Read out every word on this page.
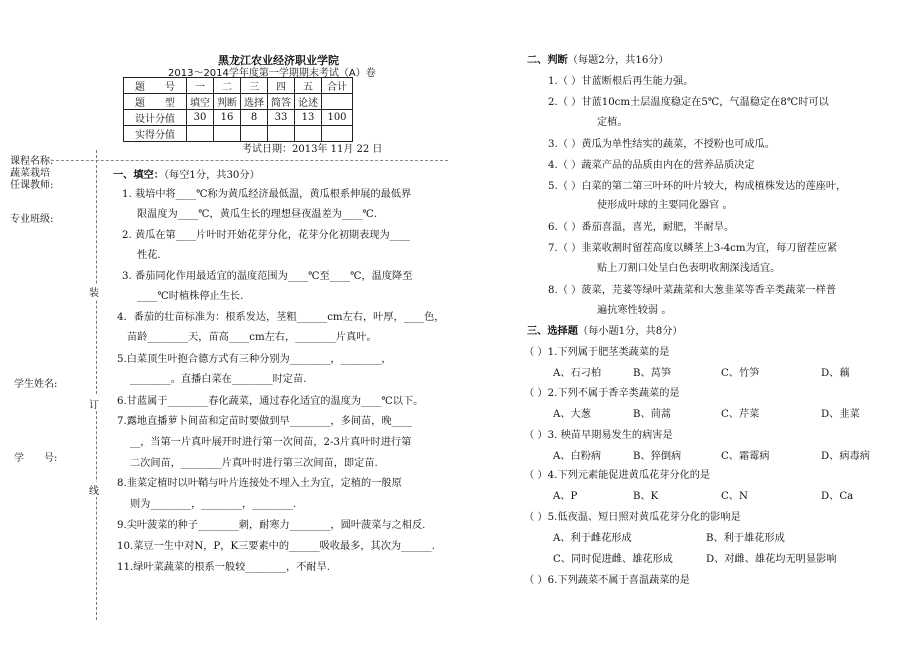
黑龙江农业经济职业学院
2013～2014学年度第一学期期末考试（A）卷
题　　号	一	二	三	四	五	合计
题　　型	填空	判断	选择	简答	论述	
设计分值	30	16	8	33	13	100
实得分值						
考试日期：2013年 11月 22 日
课程名称:
蔬菜栽培
任课教师:
专业班级:
学生姓名:
学　　号:
装
订
线
一、填空：（每空1分，共30分）
1. 栽培中将____℃称为黄瓜经济最低温，黄瓜根系伸展的最低界
限温度为____℃，黄瓜生长的理想昼夜温差为____℃.
2. 黄瓜在第____片叶时开始花芽分化，花芽分化初期表现为____
性花.
3. 番茄同化作用最适宜的温度范围为____℃至____℃，温度降至
____℃时植株停止生长.
4．番茄的壮苗标准为：根系发达，茎粗______cm左右，叶厚，____色，
苗龄________天，苗高____cm左右，________片真叶。
5.白菜顶生叶抱合德方式有三种分别为________，________，
________。直播白菜在________时定苗.
6.甘蓝属于________春化蔬菜，通过春化适宜的温度为____℃以下。
7.露地直播萝卜间苗和定苗时要做到早________，多间苗，晚____
__，当第一片真叶展开时进行第一次间苗，2-3片真叶时进行第
二次间苗，________片真叶时进行第三次间苗，即定苗.
8.韭菜定植时以叶鞘与叶片连接处不埋入土为宜，定植的一般原
则为________，________，________.
9.尖叶菠菜的种子________刺，耐寒力________，圆叶菠菜与之相反.
10.菜豆一生中对N，P，K三要素中的______吸收最多，其次为______.
11.绿叶菜蔬菜的根系一般较________，不耐旱.
二、判断（每题2分，共16分）
1.（ ）甘蓝断根后再生能力强。
2.（ ）甘蓝10cm土层温度稳定在5℃，气温稳定在8℃时可以
定植。
3.（ ）黄瓜为单性结实的蔬菜，不授粉也可成瓜。
4.（ ）蔬菜产品的品质由内在的营养品质决定
5.（ ）白菜的第二第三叶环的叶片较大，构成植株发达的莲座叶，
使形成叶球的主要同化器官 。
6.（ ）番茄喜温，喜光，耐肥，半耐旱。
7.（ ）韭菜收割时留茬高度以鳞茎上3-4cm为宜，每刀留茬应紧
贴上刀割口处呈白色表明收割深浅适宜。
8.（ ）菠菜，芫荽等绿叶菜蔬菜和大葱韭菜等香辛类蔬菜一样普
遍抗寒性较弱 。
三、选择题（每小题1分，共8分）
（ ）1.下列属于肥茎类蔬菜的是
A、石刁柏	B、莴笋	C、竹笋	D、藕
（ ）2.下列不属于香辛类蔬菜的是
A、大葱	B、茼蒿	C、芹菜	D、韭菜
（ ）3. 秧苗早期易发生的病害是
A、白粉病	B、猝倒病	C、霜霉病	D、病毒病
（ ）4.下列元素能促进黄瓜花芽分化的是
A、P	B、K	C、N	D、Ca
（ ）5.低夜温、短日照对黄瓜花芽分化的影响是
A、利于雌花形成	B、利于雄花形成
C、同时促进雌、雄花形成	D、对雌、雄花均无明显影响
（ ）6.下列蔬菜不属于喜温蔬菜的是
